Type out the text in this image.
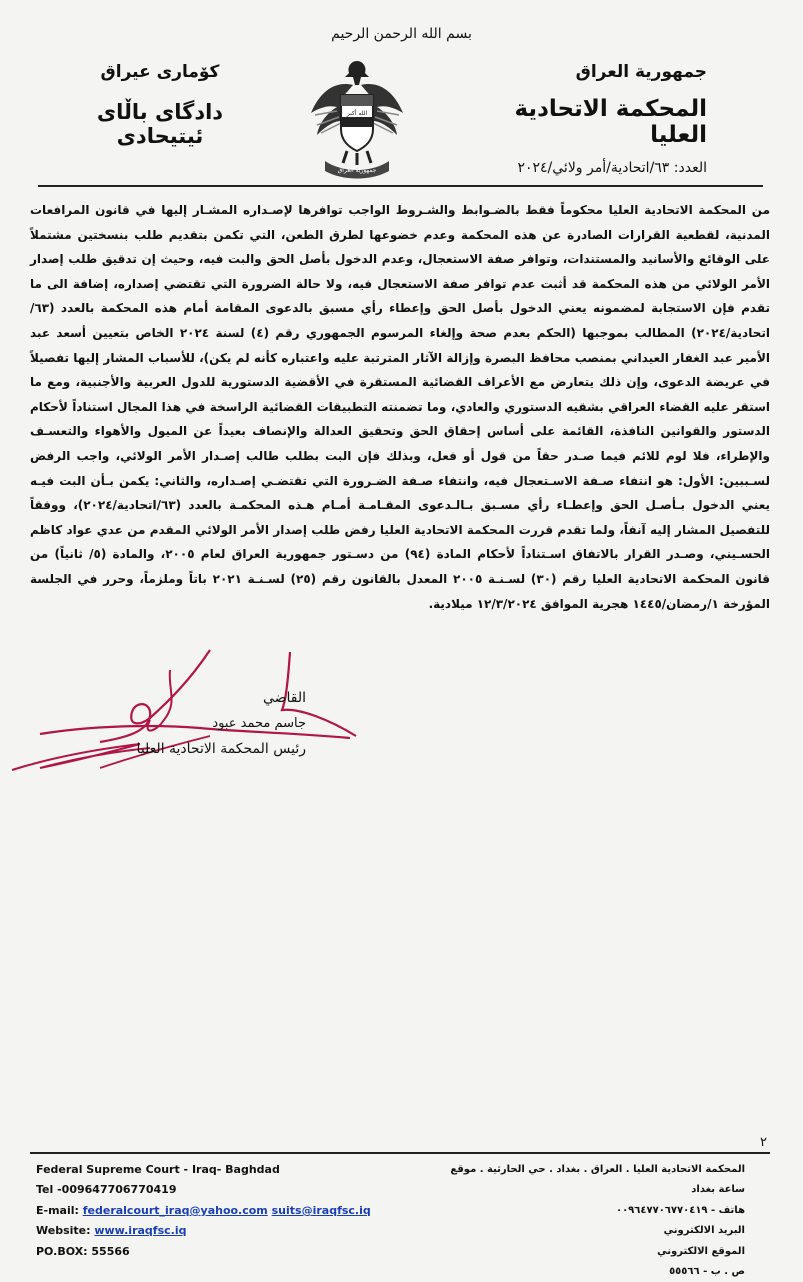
بسم الله الرحمن الرحيم
جمهورية العراق
المحكمة الاتحادية العليا
العدد: ٦٣/اتحادية/أمر ولائي/٢٠٢٤
الله أكبر
جمهورية العراق
كۆمارى عيراق
دادگاى باڵاى ئيتيحادى

من المحكمة الاتحادية العليا محكوماً فقط بالضـوابط والشـروط الواجب توافرها لإصـداره المشـار إليها في قانون المرافعات المدنية، لقطعية القرارات الصادرة عن هذه المحكمة وعدم خضوعها لطرق الطعن، التي تكمن بتقديم طلب بنسختين مشتملاً على الوقائع والأسانيد والمستندات، وتوافر صفة الاستعجال، وعدم الدخول بأصل الحق والبت فيه، وحيث إن تدقيق طلب إصدار الأمر الولائي من هذه المحكمة قد أثبت عدم توافر صفة الاستعجال فيه، ولا حالة الضرورة التي تقتضي إصداره، إضافة الى ما تقدم فإن الاستجابة لمضمونه يعني الدخول بأصل الحق وإعطاء رأي مسبق بالدعوى المقامة أمام هذه المحكمة بالعدد (٦٣/اتحادية/٢٠٢٤) المطالب بموجبها (الحكم بعدم صحة وإلغاء المرسوم الجمهوري رقم (٤) لسنة ٢٠٢٤ الخاص بتعيين أسعد عبد الأمير عبد الغفار العيداني بمنصب محافظ البصرة وإزالة الآثار المترتبة عليه واعتباره كأنه لم يكن)، للأسباب المشار إليها تفصيلاً في عريضة الدعوى، وإن ذلك يتعارض مع الأعراف القضائية المستقرة في الأقضية الدستورية للدول العربية والأجنبية، ومع ما استقر عليه القضاء العراقي بشقيه الدستوري والعادي، وما تضمنته التطبيقات القضائية الراسخة في هذا المجال استناداً لأحكام الدستور والقوانين النافذة، القائمة على أساس إحقاق الحق وتحقيق العدالة والإنصاف بعيداً عن الميول والأهواء والتعسـف والإطراء، فلا لوم للائم فيما صـدر حقاً من قول أو فعل، وبذلك فإن البت بطلب طالب إصـدار الأمر الولائي، واجب الرفض لسـببين: الأول: هو انتفاء صـفة الاسـتعجال فيه، وانتفاء صـفة الضـرورة التي تقتضـي إصـداره، والثاني: يكمن بـأن البت فيـه يعني الدخول بـأصـل الحق وإعطـاء رأي مسـبق بـالـدعوى المقـامـة أمـام هـذه المحكمـة بالعدد (٦٣/اتحادية/٢٠٢٤)، ووفقاً للتفصيل المشار إليه آنفاً، ولما تقدم قررت المحكمة الاتحادية العليا رفض طلب إصدار الأمر الولائي المقدم من عدي عواد كاظم الحسـيني، وصـدر القرار بالاتفاق اسـتناداً لأحكام المادة (٩٤) من دسـتور جمهورية العراق لعام ٢٠٠٥، والمادة (٥/ ثانياً) من قانون المحكمة الاتحادية العليا رقم (٣٠) لسـنـة ٢٠٠٥ المعدل بالقانون رقم (٢٥) لسـنـة ٢٠٢١ باتاً وملزماً، وحرر في الجلسة المؤرخة ١/رمضان/١٤٤٥ هجرية الموافق ١٢/٣/٢٠٢٤ ميلادية.

القاضي
جاسم محمد عبود
رئيس المحكمة الاتحادية العليا
٢
Federal Supreme Court - Iraq- Baghdad
Tel -009647706770419
E-mail: federalcourt_iraq@yahoo.com suits@iraqfsc.iq
Website: www.iraqfsc.iq
PO.BOX: 55566
المحكمة الاتحادية العليا . العراق . بغداد . حي الحارثية . موقع ساعة بغداد
هاتف - ٠٠٩٦٤٧٧٠٦٧٧٠٤١٩
البريد الالكتروني
الموقع الالكتروني
ص . ب - ٥٥٥٦٦
